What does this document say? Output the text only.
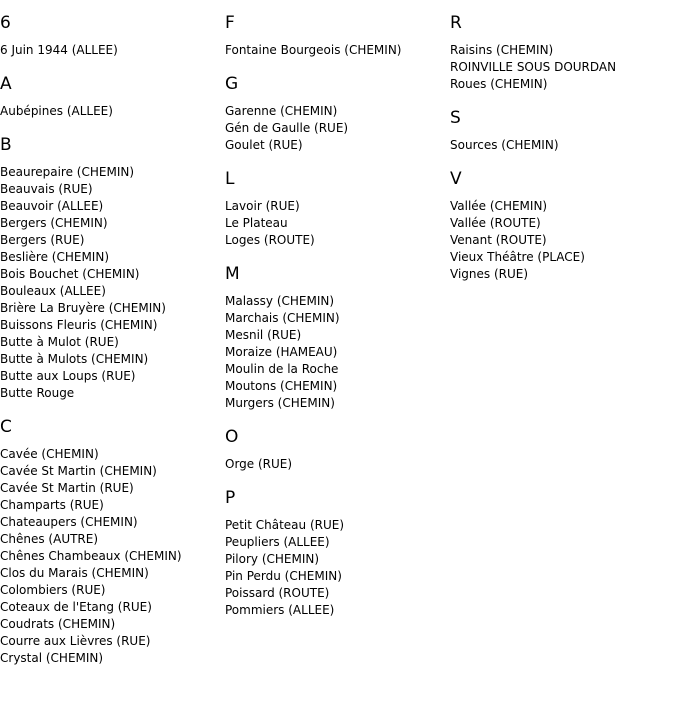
6
6 Juin 1944 (ALLEE)
A
Aubépines (ALLEE)
B
Beaurepaire (CHEMIN)
Beauvais (RUE)
Beauvoir (ALLEE)
Bergers (CHEMIN)
Bergers (RUE)
Beslière (CHEMIN)
Bois Bouchet (CHEMIN)
Bouleaux (ALLEE)
Brière La Bruyère (CHEMIN)
Buissons Fleuris (CHEMIN)
Butte à Mulot (RUE)
Butte à Mulots (CHEMIN)
Butte aux Loups (RUE)
Butte Rouge
C
Cavée (CHEMIN)
Cavée St Martin (CHEMIN)
Cavée St Martin (RUE)
Champarts (RUE)
Chateaupers (CHEMIN)
Chênes (AUTRE)
Chênes Chambeaux (CHEMIN)
Clos du Marais (CHEMIN)
Colombiers (RUE)
Coteaux de l'Etang (RUE)
Coudrats (CHEMIN)
Courre aux Lièvres (RUE)
Crystal (CHEMIN)
F
Fontaine Bourgeois (CHEMIN)
G
Garenne (CHEMIN)
Gén de Gaulle (RUE)
Goulet (RUE)
L
Lavoir (RUE)
Le Plateau
Loges (ROUTE)
M
Malassy (CHEMIN)
Marchais (CHEMIN)
Mesnil (RUE)
Moraize (HAMEAU)
Moulin de la Roche
Moutons (CHEMIN)
Murgers (CHEMIN)
O
Orge (RUE)
P
Petit Château (RUE)
Peupliers (ALLEE)
Pilory (CHEMIN)
Pin Perdu (CHEMIN)
Poissard (ROUTE)
Pommiers (ALLEE)
R
Raisins (CHEMIN)
ROINVILLE SOUS DOURDAN
Roues (CHEMIN)
S
Sources (CHEMIN)
V
Vallée (CHEMIN)
Vallée (ROUTE)
Venant (ROUTE)
Vieux Théâtre (PLACE)
Vignes (RUE)
